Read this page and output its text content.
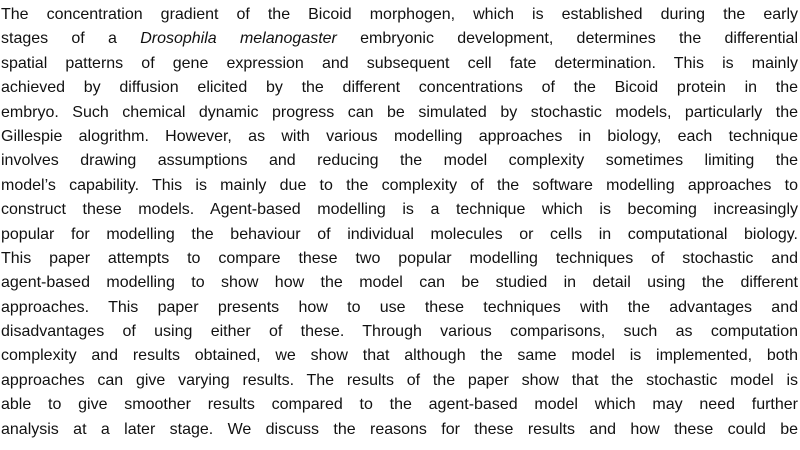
The concentration gradient of the Bicoid morphogen, which is established during the early
stages of a Drosophila melanogaster embryonic development, determines the differential
spatial patterns of gene expression and subsequent cell fate determination. This is mainly
achieved by diffusion elicited by the different concentrations of the Bicoid protein in the
embryo. Such chemical dynamic progress can be simulated by stochastic models, particularly the
Gillespie alogrithm. However, as with various modelling approaches in biology, each technique
involves drawing assumptions and reducing the model complexity sometimes limiting the
model’s capability. This is mainly due to the complexity of the software modelling approaches to
construct these models. Agent-based modelling is a technique which is becoming increasingly
popular for modelling the behaviour of individual molecules or cells in computational biology.
This paper attempts to compare these two popular modelling techniques of stochastic and
agent-based modelling to show how the model can be studied in detail using the different
approaches. This paper presents how to use these techniques with the advantages and
disadvantages of using either of these. Through various comparisons, such as computation
complexity and results obtained, we show that although the same model is implemented, both
approaches can give varying results. The results of the paper show that the stochastic model is
able to give smoother results compared to the agent-based model which may need further
analysis at a later stage. We discuss the reasons for these results and how these could be
